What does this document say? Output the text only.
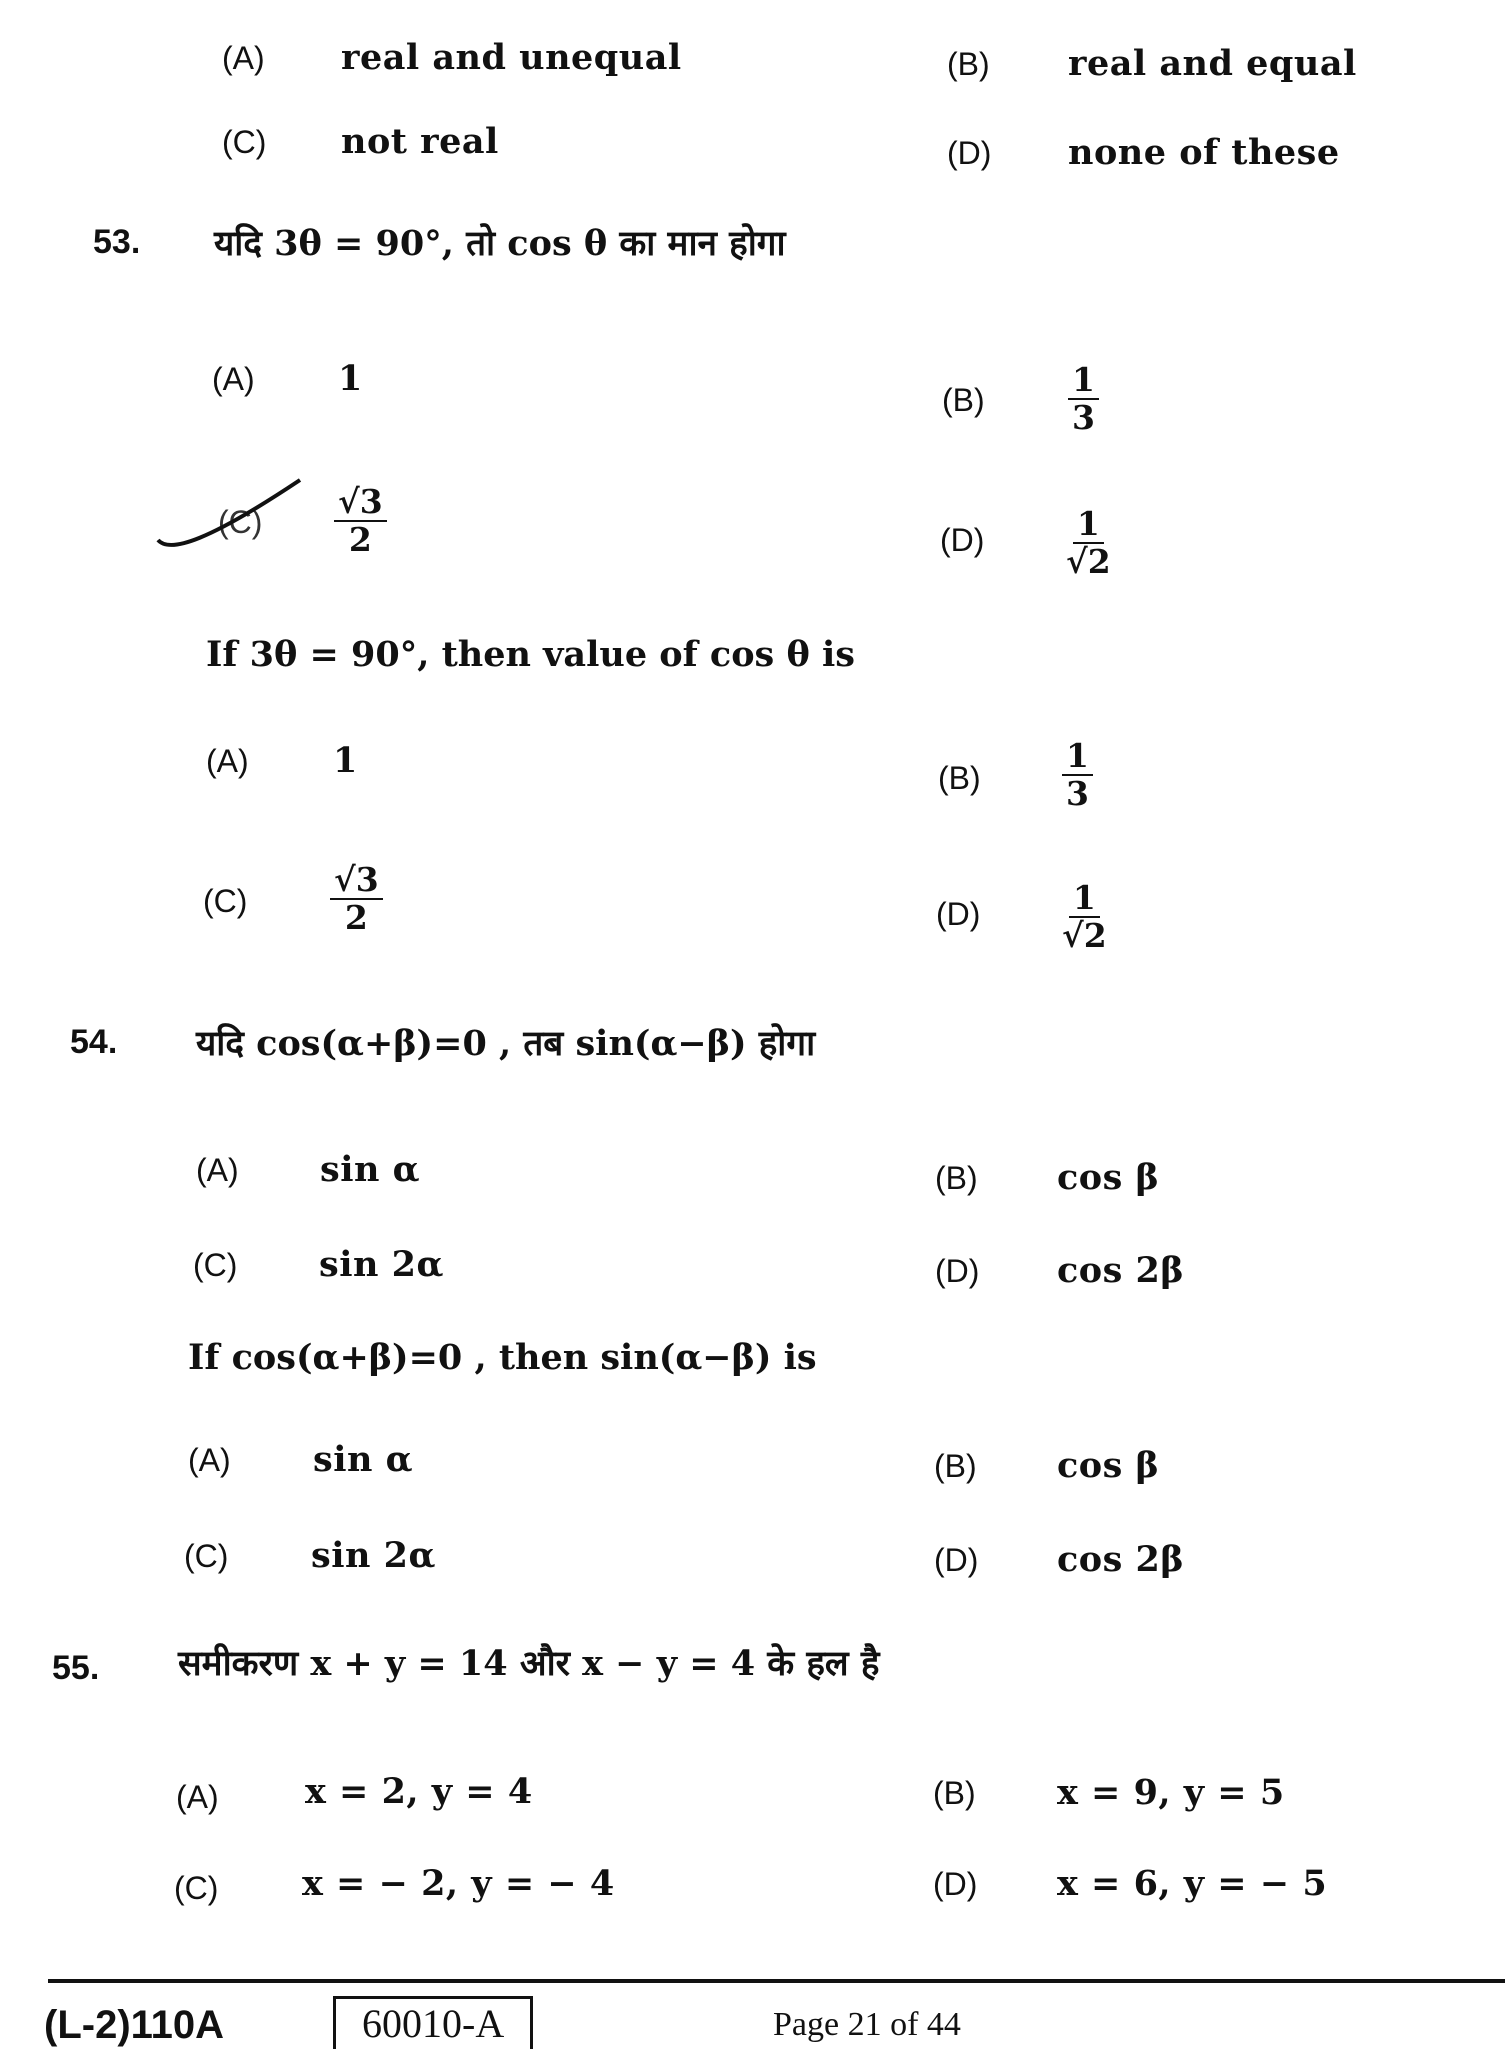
(A) real and unequal	(B) real and equal
(C) not real	(D) none of these
53. यदि 3θ = 90°, तो cos θ का मान होगा
(A) 1
(B)	$\frac{1}{3}$
$(C) \frac{√3}{2}$	$(D) \frac{1}{√2}$
If 3θ = 90°, then value of cos θ is
(A) 1	$(B) \frac{1}{3}$
(C)	$\frac{√3}{2}$	$(D) \frac{1}{√2}$
54. यदि cos(α+β)=0 , तब sin(α−β) होगा
(A) sin α	(B) cos β
(C) sin 2α	(D) cos 2β
If cos(α+β)=0 , then sin(α−β) is
(A) sin α	(B) cos β
(C) sin 2α	(D) cos 2β
55. समीकरण x + y = 14 और x − y = 4 के हल है
(A) x = 2, y = 4	(B) x = 9, y = 5
(C) x = − 2, y = − 4	(D) x = 6, y = − 5
(L-2)110A	60010-A	Page 21 of 44
